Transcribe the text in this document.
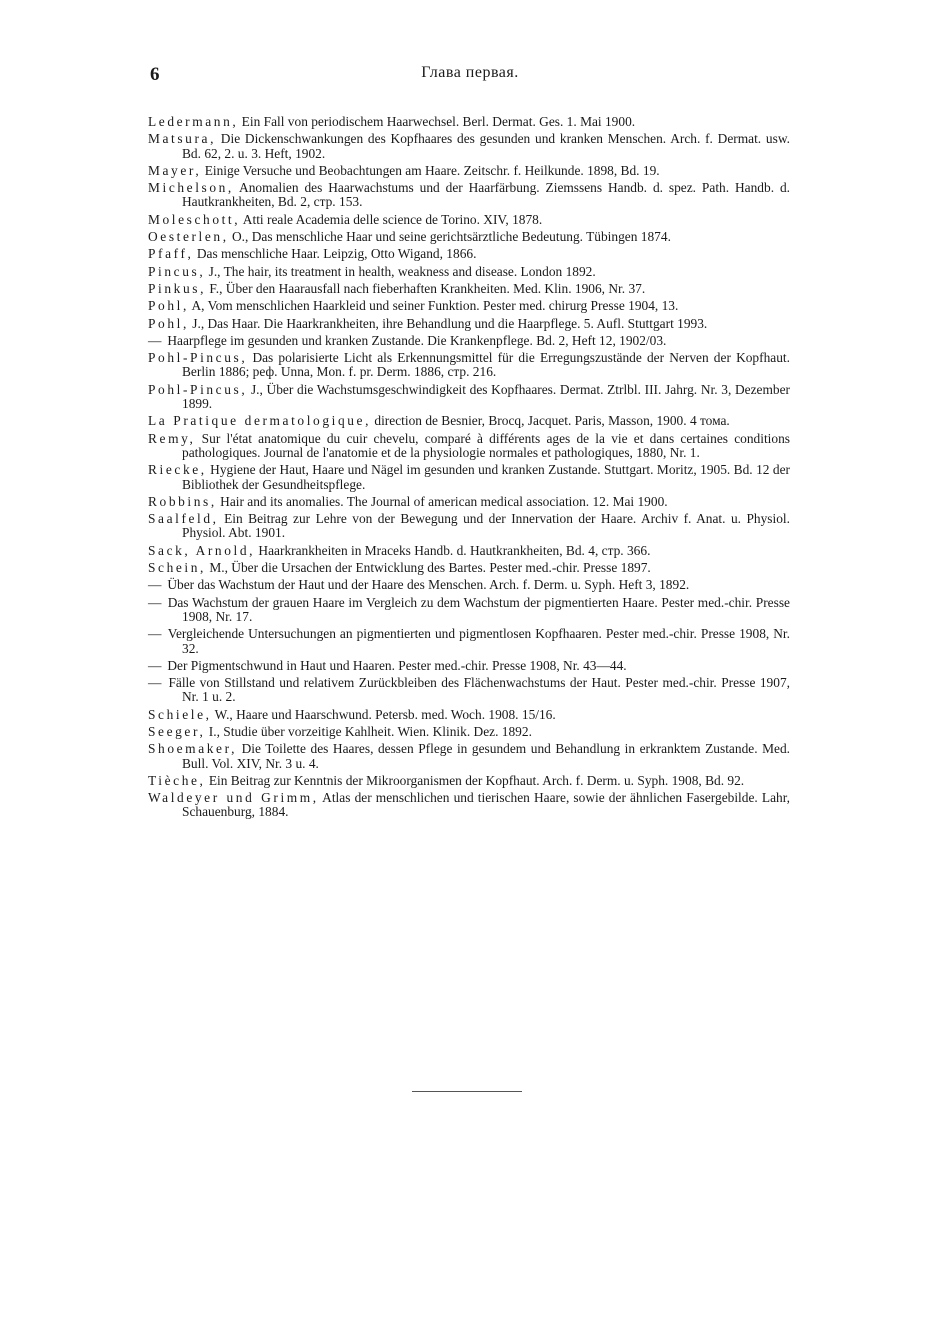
6	Глава первая.
Ledermann, Ein Fall von periodischem Haarwechsel. Berl. Dermat. Ges. 1. Mai 1900.
Matsura, Die Dickenschwankungen des Kopfhaares des gesunden und kranken Menschen. Arch. f. Dermat. usw. Bd. 62, 2. u. 3. Heft, 1902.
Mayer, Einige Versuche und Beobachtungen am Haare. Zeitschr. f. Heilkunde. 1898, Bd. 19.
Michelson, Anomalien des Haarwachstums und der Haarfärbung. Ziemssens Handb. d. spez. Path. Handb. d. Hautkrankheiten, Bd. 2, стр. 153.
Moleschott, Atti reale Academia delle science de Torino. XIV, 1878.
Oesterlen, O., Das menschliche Haar und seine gerichtsärztliche Bedeutung. Tübingen 1874.
Pfaff, Das menschliche Haar. Leipzig, Otto Wigand, 1866.
Pincus, J., The hair, its treatment in health, weakness and disease. London 1892.
Pinkus, F., Über den Haarausfall nach fieberhaften Krankheiten. Med. Klin. 1906, Nr. 37.
Pohl, A, Vom menschlichen Haarkleid und seiner Funktion. Pester med. chirurg Presse 1904, 13.
Pohl, J., Das Haar. Die Haarkrankheiten, ihre Behandlung und die Haarpflege. 5. Aufl. Stuttgart 1993.
— Haarpflege im gesunden und kranken Zustande. Die Krankenpflege. Bd. 2, Heft 12, 1902/03.
Pohl-Pincus, Das polarisierte Licht als Erkennungsmittel für die Erregungszustände der Nerven der Kopfhaut. Berlin 1886; реф. Unna, Mon. f. pr. Derm. 1886, стр. 216.
Pohl-Pincus, J., Über die Wachstumsgeschwindigkeit des Kopfhaares. Dermat. Ztrlbl. III. Jahrg. Nr. 3, Dezember 1899.
La Pratique dermatologique, direction de Besnier, Brocq, Jacquet. Paris, Masson, 1900. 4 тома.
Remy, Sur l'état anatomique du cuir chevelu, comparé à différents ages de la vie et dans certaines conditions pathologiques. Journal de l'anatomie et de la physiologie normales et pathologiques, 1880, Nr. 1.
Riecke, Hygiene der Haut, Haare und Nägel im gesunden und kranken Zustande. Stuttgart. Moritz, 1905. Bd. 12 der Bibliothek der Gesundheitspflege.
Robbins, Hair and its anomalies. The Journal of american medical association. 12. Mai 1900.
Saalfeld, Ein Beitrag zur Lehre von der Bewegung und der Innervation der Haare. Archiv f. Anat. u. Physiol. Physiol. Abt. 1901.
Sack, Arnold, Haarkrankheiten in Mraceks Handb. d. Hautkrankheiten, Bd. 4, стр. 366.
Schein, M., Über die Ursachen der Entwicklung des Bartes. Pester med.-chir. Presse 1897.
— Über das Wachstum der Haut und der Haare des Menschen. Arch. f. Derm. u. Syph. Heft 3, 1892.
— Das Wachstum der grauen Haare im Vergleich zu dem Wachstum der pigmentierten Haare. Pester med.-chir. Presse 1908, Nr. 17.
— Vergleichende Untersuchungen an pigmentierten und pigmentlosen Kopfhaaren. Pester med.-chir. Presse 1908, Nr. 32.
— Der Pigmentschwund in Haut und Haaren. Pester med.-chir. Presse 1908, Nr. 43—44.
— Fälle von Stillstand und relativem Zurückbleiben des Flächenwachstums der Haut. Pester med.-chir. Presse 1907, Nr. 1 u. 2.
Schiele, W., Haare und Haarschwund. Petersb. med. Woch. 1908. 15/16.
Seeger, I., Studie über vorzeitige Kahlheit. Wien. Klinik. Dez. 1892.
Shoemaker, Die Toilette des Haares, dessen Pflege in gesundem und Behandlung in erkranktem Zustande. Med. Bull. Vol. XIV, Nr. 3 u. 4.
Tièche, Ein Beitrag zur Kenntnis der Mikroorganismen der Kopfhaut. Arch. f. Derm. u. Syph. 1908, Bd. 92.
Waldeyer und Grimm, Atlas der menschlichen und tierischen Haare, sowie der ähnlichen Fasergebilde. Lahr, Schauenburg, 1884.
